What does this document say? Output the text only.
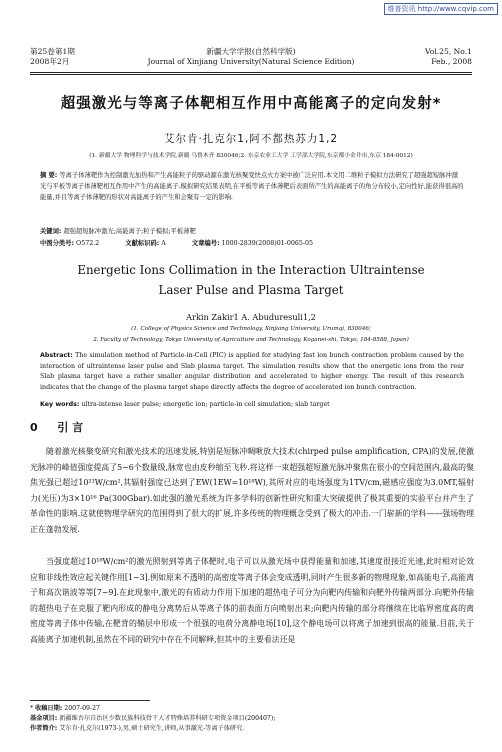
维普资讯 http://www.cqvip.com
第25卷第1期
2008年2月
新疆大学学报(自然科学版)
Journal of Xinjiang University(Natural Science Edition)
Vol.25, No.1
Feb., 2008
超强激光与等离子体靶相互作用中高能离子的定向发射*
艾尔肯·扎克尔1,阿不都热苏力1,2
(1. 新疆大学 物理科学与技术学院,新疆 乌鲁木齐 830046;2. 东京农业工大学 工学部大学院,东京都小金井市,东京 184-0012)
摘 要: 等离子体薄靶作为控制激光加热和产生高能粒子的驱动源在激光核聚变快点火方案中被广泛应用.本文用二维粒子模拟方法研究了超强超短脉冲激光与平板等离子体薄靶相互作用中产生的高能离子.模拟研究结果表明,在平板等离子体薄靶后表面所产生的高能离子的角分布较小,定向性好,能获得很高的能量,并且等离子体薄靶的形状对高能离子的产生和会聚有一定的影响.
关键词: 超强超短脉冲激光;高能离子;粒子模拟;平板薄靶
中图分类号: O572.2	文献标识码: A	文章编号: 1000-2839(2008)01-0065-05
Energetic Ions Collimation in the Interaction Ultraintense
Laser Pulse and Plasma Target
Arkin Zakir1 A. Abuduresuli1,2
(1. College of Physics Science and Technology, Xinjiang University, Urumqi, 830046;
2. Faculty of Technology, Tokyo University of Agriculture and Technology, Koganei-shi, Tokyo, 184-8588, Japan)
Abstract: The simulation method of Particle-in-Cell (PIC) is applied for studying fast ion bunch contraction problem caused by the interaction of ultraintense laser pulse and Slab plasma target. The simulation results show that the energetic ions from the rear Slab plasma target have a rather smaller angular distribution and accelerated to higher energy. The result of this research indicates that the change of the plasma target shape directly affects the degree of accelerated ion bunch contraction.
Key words: ultra-intense laser pulse; energetic ion; particle-in cell simulation; slab target
0 引 言
随着激光核聚变研究和激光技术的迅速发展,特别是短脉冲啁啾放大技术(chirped pulse amplification, CPA)的发展,使激光脉冲的峰值强度提高了5~6个数量级,脉宽也由皮秒缩至飞秒.将这样一束超强超短激光脉冲聚焦在很小的空间范围内,最高的聚焦光强已超过10²¹W/cm²,其辐射强度已达到了EW(1EW=10¹⁸W),其所对应的电场强度为1TV/cm,磁感应强度为3.0MT,辐射力(光压)为3×10¹⁶ Pa(300Gbar).如此强的激光系统为许多学科的创新性研究和重大突破提供了极其重要的实验平台并产生了革命性的影响.这就使物理学研究的范围得到了很大的扩展,许多传统的物理概念受到了极大的冲击.一门崭新的学科——强场物理正在蓬勃发展.
当强度超过10¹⁸W/cm²的激光照射到等离子体靶时,电子可以从激光场中获得能量和加速,其速度很接近光速,此时相对论效应和非线性效应起关键作用[1~3].例如原来不透明的高密度等离子体会变成透明,同时产生很多新的物理现象,如高能电子,高能离子和高次谐波等等[7~9].在此现象中,激光的有质动力作用下加速的超热电子可分为向靶内传输和向靶外传输两部分.向靶外传输的超热电子在克服了靶内形成的静电分离势后从等离子体的前表面方向喷射出来;向靶内传输的部分将继续在比临界密度高的离密度等离子体中传输,在靶背的鞘层中形成一个很强的电荷分离静电场[10],这个静电场可以将离子加速到很高的能量.目前,关于高能离子加速机制,虽然在不同的研究中存在不同解释,但其中的主要看法还是
* 收稿日期: 2007-09-27
基金项目: 新疆维吾尔自治区少数民族科技骨干人才特殊培养科研专项资金项目(200407);
作者简介: 艾尔肯·扎克尔(1973-),男,硕士研究生,讲师,从事激光-等离子体研究.
